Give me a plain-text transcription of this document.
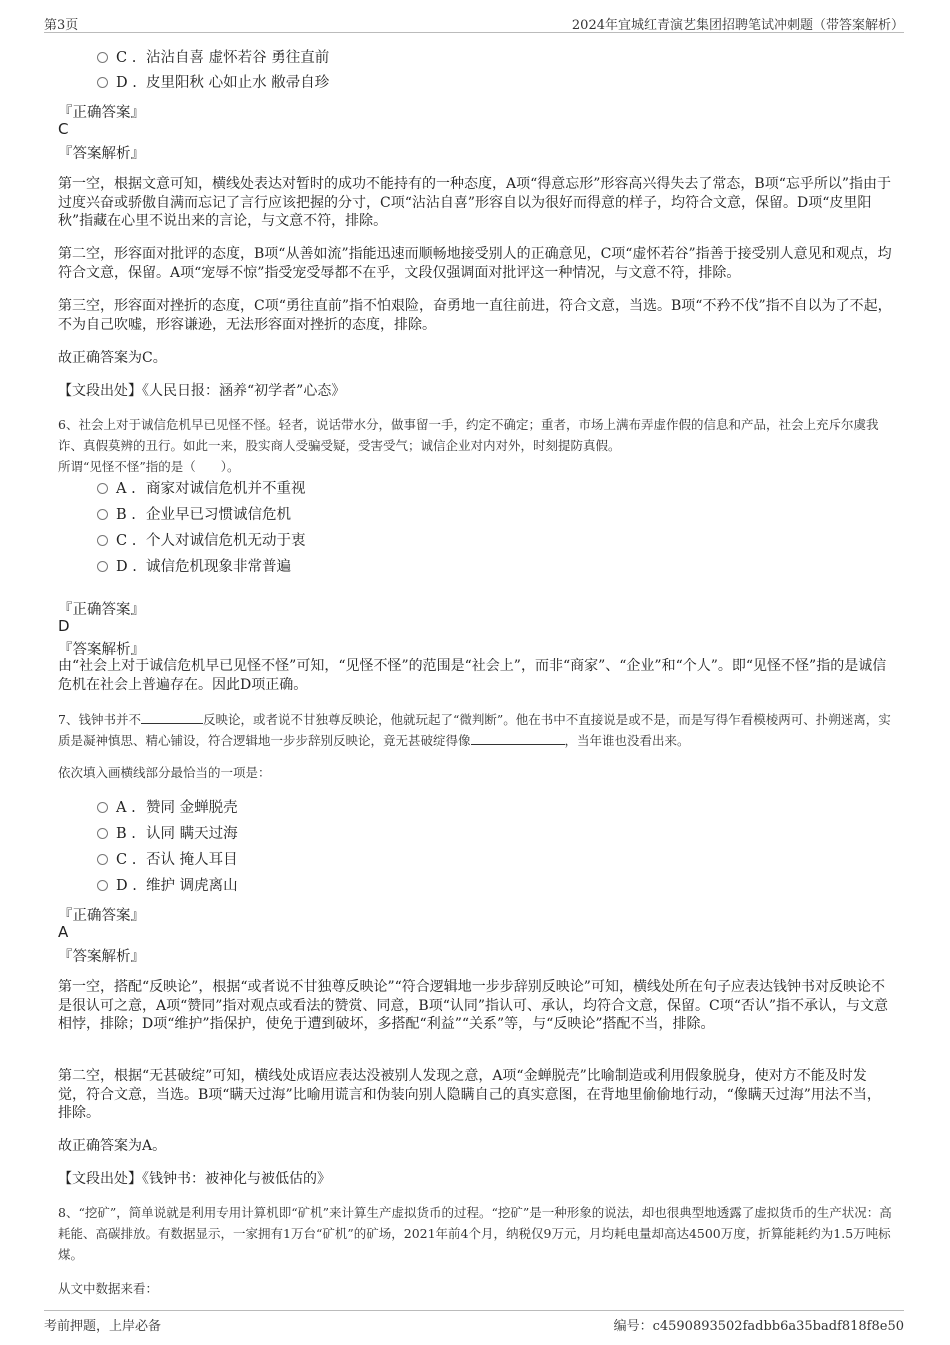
第3页	2024年宜城红青演艺集团招聘笔试冲刺题（带答案解析）
C . 沾沾自喜 虚怀若谷 勇往直前
D . 皮里阳秋 心如止水 敝帚自珍
『正确答案』
C
『答案解析』
第一空，根据文意可知，横线处表达对暂时的成功不能持有的一种态度，A项“得意忘形”形容高兴得失去了常态，B项“忘乎所以”指由于过度兴奋或骄傲自满而忘记了言行应该把握的分寸，C项“沾沾自喜”形容自以为很好而得意的样子，均符合文意，保留。D项“皮里阳秋”指藏在心里不说出来的言论，与文意不符，排除。
第二空，形容面对批评的态度，B项“从善如流”指能迅速而顺畅地接受别人的正确意见，C项“虚怀若谷”指善于接受别人意见和观点，均符合文意，保留。A项“宠辱不惊”指受宠受辱都不在乎，文段仅强调面对批评这一种情况，与文意不符，排除。
第三空，形容面对挫折的态度，C项“勇往直前”指不怕艰险，奋勇地一直往前进，符合文意，当选。B项“不矜不伐”指不自以为了不起，不为自己吹嘘，形容谦逊，无法形容面对挫折的态度，排除。
故正确答案为C。
【文段出处】《人民日报：涵养“初学者”心态》
6、社会上对于诚信危机早已见怪不怪。轻者，说话带水分，做事留一手，约定不确定；重者，市场上满布弄虚作假的信息和产品，社会上充斥尔虞我诈、真假莫辨的丑行。如此一来，股实商人受骗受疑，受害受气；诚信企业对内对外，时刻提防真假。
所谓“见怪不怪”指的是（　　）。
A . 商家对诚信危机并不重视
B . 企业早已习惯诚信危机
C . 个人对诚信危机无动于衷
D . 诚信危机现象非常普遍
『正确答案』
D
『答案解析』
由“社会上对于诚信危机早已见怪不怪”可知，“见怪不怪”的范围是“社会上”，而非“商家”、“企业”和“个人”。即“见怪不怪”指的是诚信危机在社会上普遍存在。因此D项正确。
7、钱钟书并不	反映论，或者说不甘独尊反映论，他就玩起了“微判断”。他在书中不直接说是或不是，而是写得乍看模棱两可、扑朔迷离，实质是凝神慎思、精心铺设，符合逻辑地一步步辞别反映论，竟无甚破绽得像	，当年谁也没看出来。
依次填入画横线部分最恰当的一项是：
A . 赞同 金蝉脱壳
B . 认同 瞒天过海
C . 否认 掩人耳目
D . 维护 调虎离山
『正确答案』
A
『答案解析』
第一空，搭配“反映论”，根据“或者说不甘独尊反映论”“符合逻辑地一步步辞别反映论”可知，横线处所在句子应表达钱钟书对反映论不是很认可之意，A项“赞同”指对观点或看法的赞赏、同意，B项“认同”指认可、承认，均符合文意，保留。C项“否认”指不承认，与文意相悖，排除；D项“维护”指保护，使免于遭到破坏，多搭配“利益”“关系”等，与“反映论”搭配不当，排除。
第二空，根据“无甚破绽”可知，横线处成语应表达没被别人发现之意，A项“金蝉脱壳”比喻制造或利用假象脱身，使对方不能及时发觉，符合文意，当选。B项“瞒天过海”比喻用谎言和伪装向别人隐瞒自己的真实意图，在背地里偷偷地行动，“像瞒天过海”用法不当，排除。
故正确答案为A。
【文段出处】《钱钟书：被神化与被低估的》
8、“挖矿”，简单说就是利用专用计算机即“矿机”来计算生产虚拟货币的过程。“挖矿”是一种形象的说法，却也很典型地透露了虚拟货币的生产状况：高耗能、高碳排放。有数据显示，一家拥有1万台“矿机”的矿场，2021年前4个月，纳税仅9万元，月均耗电量却高达4500万度，折算能耗约为1.5万吨标煤。
从文中数据来看：
考前押题，上岸必备	编号：c4590893502fadbb6a35badf818f8e50
